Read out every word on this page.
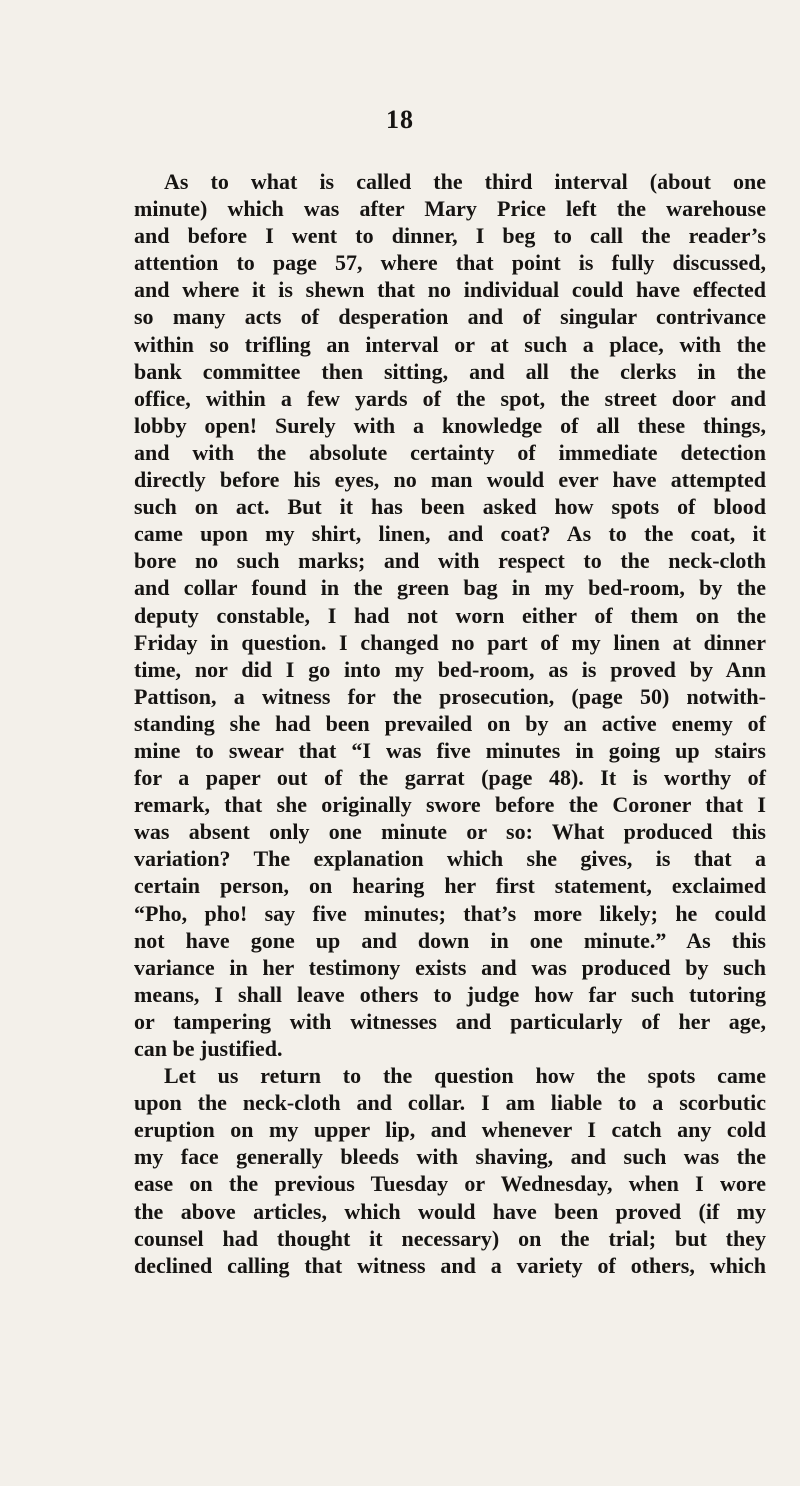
18
As to what is called the third interval (about one
minute) which was after Mary Price left the warehouse
and before I went to dinner, I beg to call the reader’s
attention to page 57, where that point is fully discussed,
and where it is shewn that no individual could have effected
so many acts of desperation and of singular contrivance
within so trifling an interval or at such a place, with the
bank committee then sitting, and all the clerks in the
office, within a few yards of the spot, the street door and
lobby open! Surely with a knowledge of all these things,
and with the absolute certainty of immediate detection
directly before his eyes, no man would ever have attempted
such on act. But it has been asked how spots of blood
came upon my shirt, linen, and coat? As to the coat, it
bore no such marks; and with respect to the neck-cloth
and collar found in the green bag in my bed-room, by the
deputy constable, I had not worn either of them on the
Friday in question. I changed no part of my linen at dinner
time, nor did I go into my bed-room, as is proved by Ann
Pattison, a witness for the prosecution, (page 50) notwith-
standing she had been prevailed on by an active enemy of
mine to swear that “I was five minutes in going up stairs
for a paper out of the garrat (page 48). It is worthy of
remark, that she originally swore before the Coroner that I
was absent only one minute or so: What produced this
variation? The explanation which she gives, is that a
certain person, on hearing her first statement, exclaimed
“Pho, pho! say five minutes; that’s more likely; he could
not have gone up and down in one minute.” As this
variance in her testimony exists and was produced by such
means, I shall leave others to judge how far such tutoring
or tampering with witnesses and particularly of her age,
can be justified.
Let us return to the question how the spots came
upon the neck-cloth and collar. I am liable to a scorbutic
eruption on my upper lip, and whenever I catch any cold
my face generally bleeds with shaving, and such was the
ease on the previous Tuesday or Wednesday, when I wore
the above articles, which would have been proved (if my
counsel had thought it necessary) on the trial; but they
declined calling that witness and a variety of others, which
